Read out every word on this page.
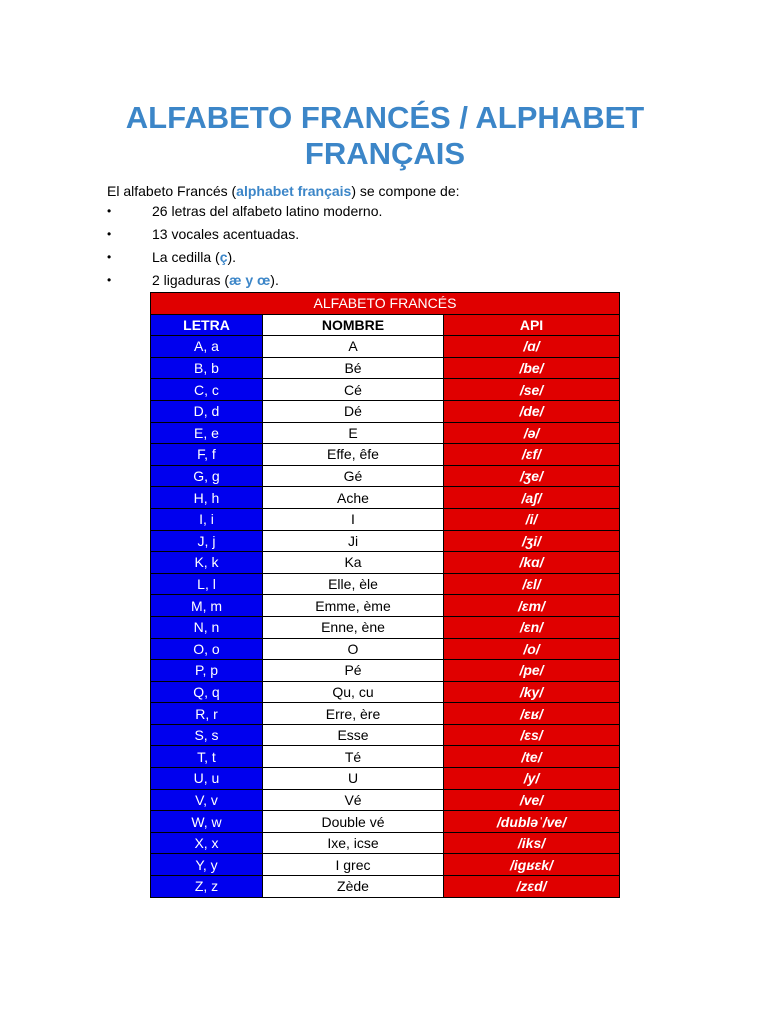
ALFABETO FRANCÉS / ALPHABET FRANÇAIS

El alfabeto Francés (alphabet français) se compone de:

•	26 letras del alfabeto latino moderno.
•	13 vocales acentuadas.
•	La cedilla (ç).
•	2 ligaduras (æ y œ).
ALFABETO FRANCÉS		
LETRA	NOMBRE	API
A, a	A	/ɑ/
B, b	Bé	/be/
C, c	Cé	/se/
D, d	Dé	/de/
E, e	E	/ə/
F, f	Effe, êfe	/ɛf/
G, g	Gé	/ʒe/
H, h	Ache	/aʃ/
I, i	I	/i/
J, j	Ji	/ʒi/
K, k	Ka	/kɑ/
L, l	Elle, èle	/ɛl/
M, m	Emme, ème	/ɛm/
N, n	Enne, ène	/ɛn/
O, o	O	/o/
P, p	Pé	/pe/
Q, q	Qu, cu	/ky/
R, r	Erre, ère	/ɛʁ/
S, s	Esse	/ɛs/
T, t	Té	/te/
U, u	U	/y/
V, v	Vé	/ve/
W, w	Double vé	/dubləˈ/ve/
X, x	Ixe, icse	/iks/
Y, y	I grec	/igʁɛk/
Z, z	Zède	/zɛd/
